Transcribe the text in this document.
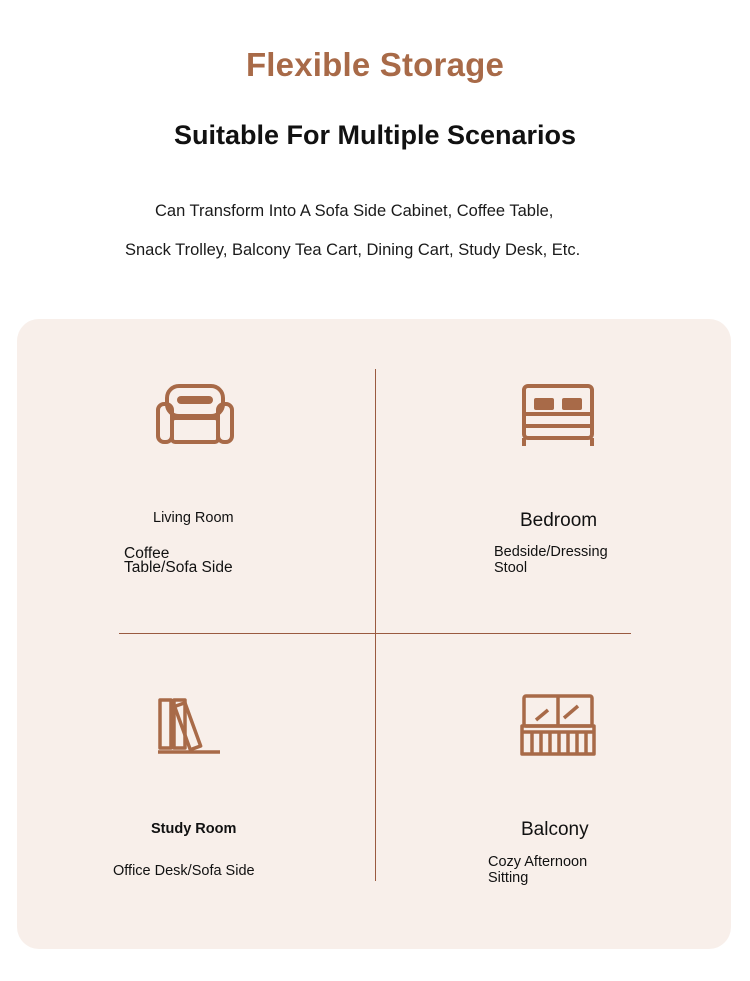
Flexible Storage
Suitable For Multiple Scenarios
Can Transform Into A Sofa Side Cabinet, Coffee Table,
Snack Trolley, Balcony Tea Cart, Dining Cart, Study Desk, Etc.
Living Room
Coffee
Table/Sofa Side
Bedroom
Bedside/Dressing
Stool
Study Room
Office Desk/Sofa Side
Balcony
Cozy Afternoon
Sitting
